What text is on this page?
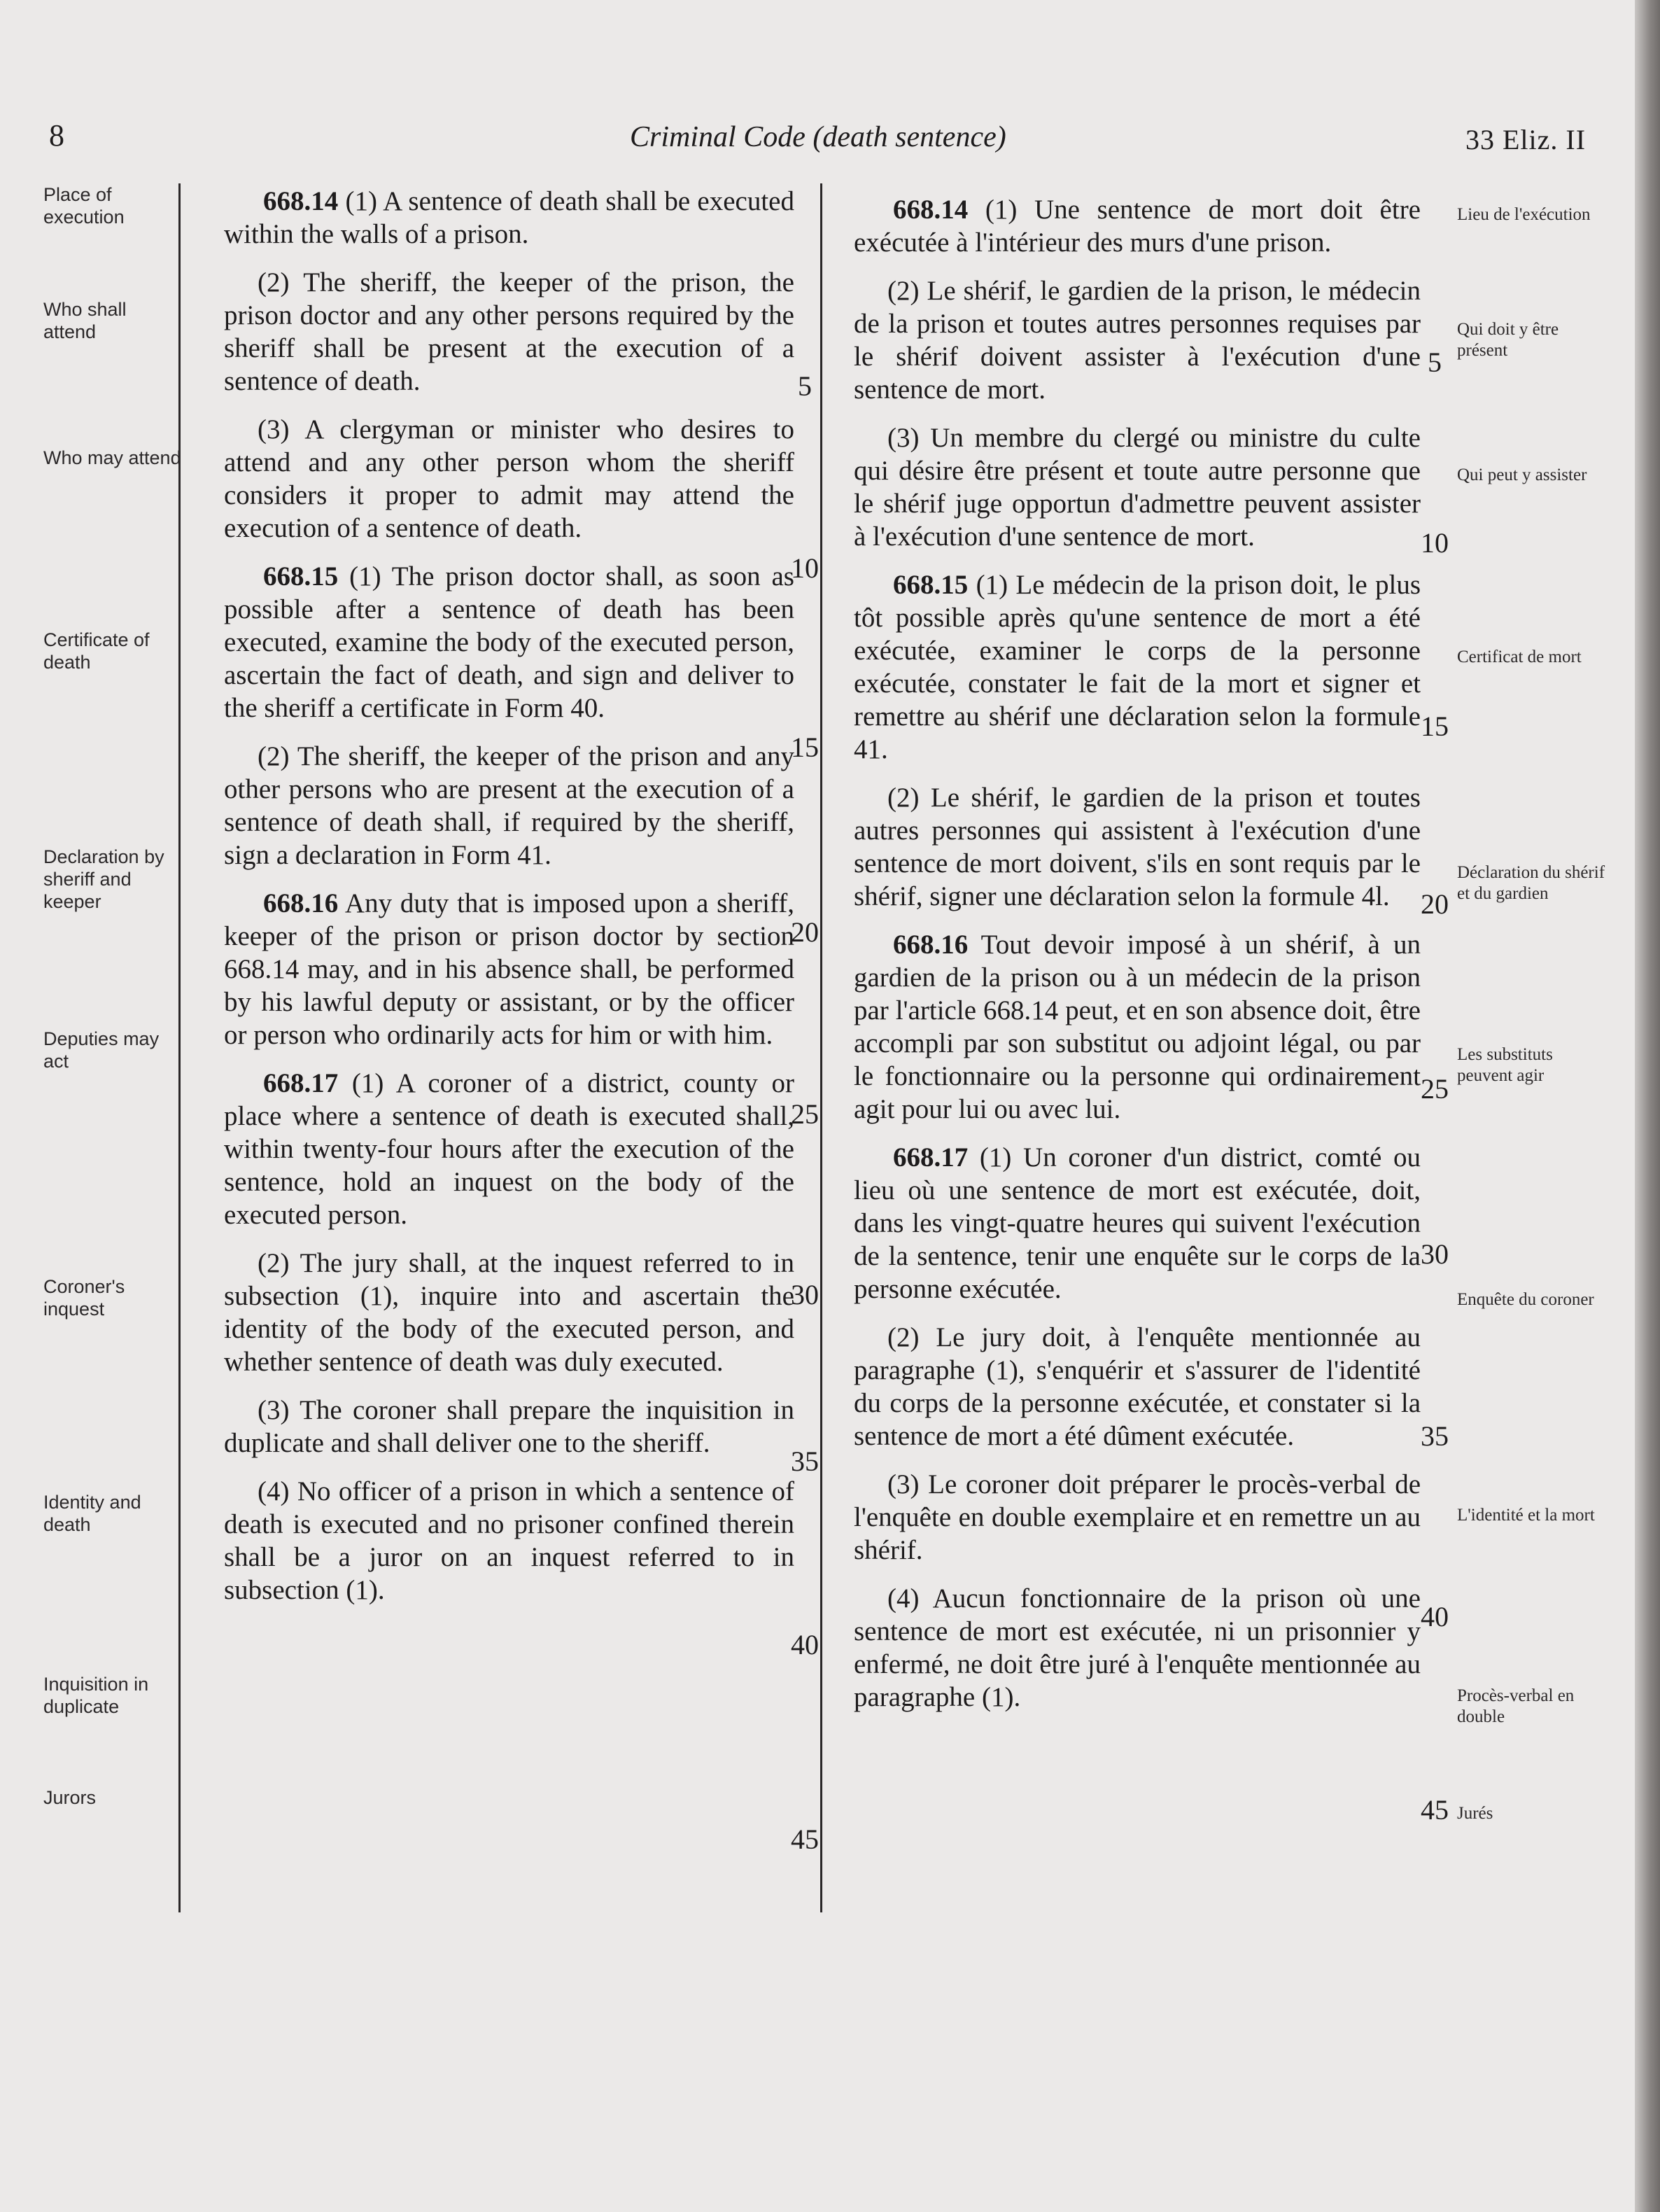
8	Criminal Code (death sentence)	33 Eliz. II
Place of execution
Who shall attend
Who may attend
Certificate of death
Declaration by sheriff and keeper
Deputies may act
Coroner's inquest
Identity and death
Inquisition in duplicate
Jurors
Lieu de l'exécution
Qui doit y être présent
Qui peut y assister
Certificat de mort
Déclaration du shérif et du gardien
Les substituts peuvent agir
Enquête du coroner
L'identité et la mort
Procès-verbal en double
Jurés

668.14 (1) A sentence of death shall be executed within the walls of a prison.

(2) The sheriff, the keeper of the prison, the prison doctor and any other persons required by the sheriff shall be present at the execution of a sentence of death.

(3) A clergyman or minister who desires to attend and any other person whom the sheriff considers it proper to admit may attend the execution of a sentence of death.

668.15 (1) The prison doctor shall, as soon as possible after a sentence of death has been executed, examine the body of the executed person, ascertain the fact of death, and sign and deliver to the sheriff a certificate in Form 40.

(2) The sheriff, the keeper of the prison and any other persons who are present at the execution of a sentence of death shall, if required by the sheriff, sign a declaration in Form 41.

668.16 Any duty that is imposed upon a sheriff, keeper of the prison or prison doctor by section 668.14 may, and in his absence shall, be performed by his lawful deputy or assistant, or by the officer or person who ordinarily acts for him or with him.

668.17 (1) A coroner of a district, county or place where a sentence of death is executed shall, within twenty-four hours after the execution of the sentence, hold an inquest on the body of the executed person.

(2) The jury shall, at the inquest referred to in subsection (1), inquire into and ascertain the identity of the body of the executed person, and whether sentence of death was duly executed.

(3) The coroner shall prepare the inquisition in duplicate and shall deliver one to the sheriff.

(4) No officer of a prison in which a sentence of death is executed and no prisoner confined therein shall be a juror on an inquest referred to in subsection (1).

668.14 (1) Une sentence de mort doit être exécutée à l'intérieur des murs d'une prison.

(2) Le shérif, le gardien de la prison, le médecin de la prison et toutes autres personnes requises par le shérif doivent assister à l'exécution d'une sentence de mort.

(3) Un membre du clergé ou ministre du culte qui désire être présent et toute autre personne que le shérif juge opportun d'admettre peuvent assister à l'exécution d'une sentence de mort.

668.15 (1) Le médecin de la prison doit, le plus tôt possible après qu'une sentence de mort a été exécutée, examiner le corps de la personne exécutée, constater le fait de la mort et signer et remettre au shérif une déclaration selon la formule 41.

(2) Le shérif, le gardien de la prison et toutes autres personnes qui assistent à l'exécution d'une sentence de mort doivent, s'ils en sont requis par le shérif, signer une déclaration selon la formule 4l.

668.16 Tout devoir imposé à un shérif, à un gardien de la prison ou à un médecin de la prison par l'article 668.14 peut, et en son absence doit, être accompli par son substitut ou adjoint légal, ou par le fonctionnaire ou la personne qui ordinairement agit pour lui ou avec lui.

668.17 (1) Un coroner d'un district, comté ou lieu où une sentence de mort est exécutée, doit, dans les vingt-quatre heures qui suivent l'exécution de la sentence, tenir une enquête sur le corps de la personne exécutée.

(2) Le jury doit, à l'enquête mentionnée au paragraphe (1), s'enquérir et s'assurer de l'identité du corps de la personne exécutée, et constater si la sentence de mort a été dûment exécutée.

(3) Le coroner doit préparer le procès-verbal de l'enquête en double exemplaire et en remettre un au shérif.

(4) Aucun fonctionnaire de la prison où une sentence de mort est exécutée, ni un prisonnier y enfermé, ne doit être juré à l'enquête mentionnée au paragraphe (1).

5
10
15
20
25
30
35
40
45
5
10
15
20
25
30
35
40
45
